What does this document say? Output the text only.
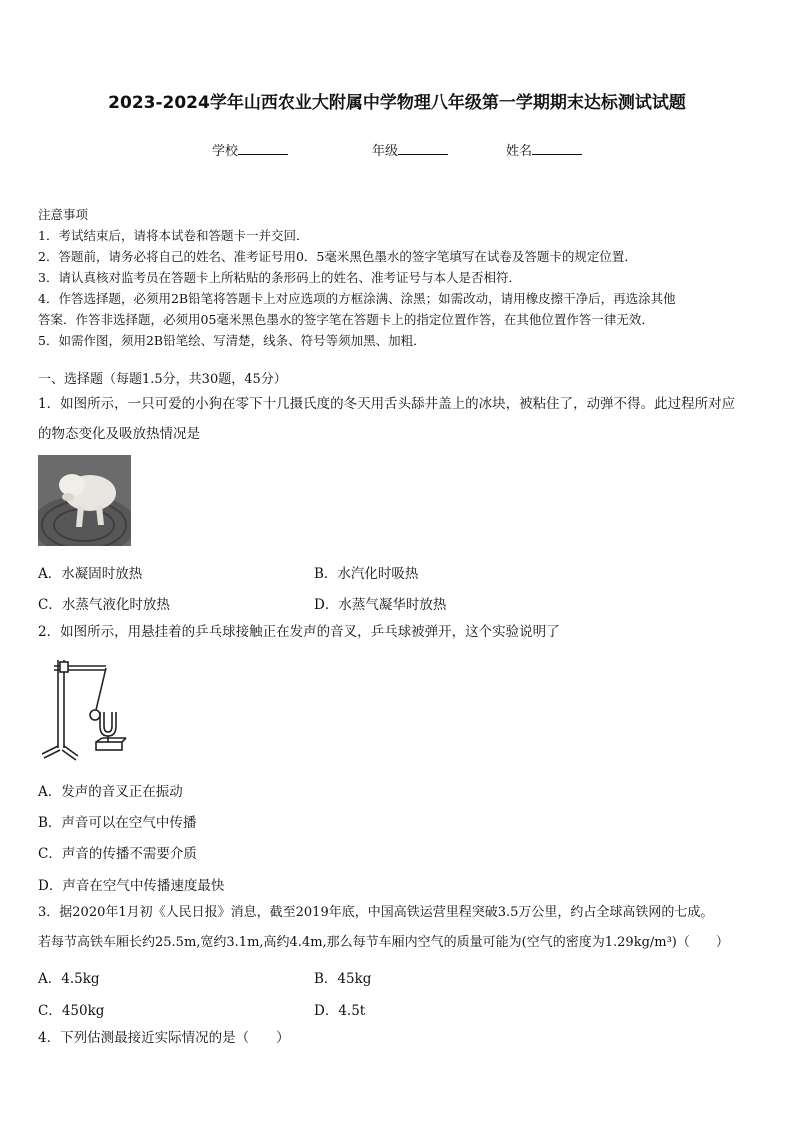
2023-2024学年山西农业大附属中学物理八年级第一学期期末达标测试试题
学校	年级	姓名
注意事项
1．考试结束后，请将本试卷和答题卡一并交回．
2．答题前，请务必将自己的姓名、准考证号用0．5毫米黑色墨水的签字笔填写在试卷及答题卡的规定位置．
3．请认真核对监考员在答题卡上所粘贴的条形码上的姓名、准考证号与本人是否相符．
4．作答选择题，必须用2B铅笔将答题卡上对应选项的方框涂满、涂黑；如需改动，请用橡皮擦干净后，再选涂其他
答案．作答非选择题，必须用05毫米黑色墨水的签字笔在答题卡上的指定位置作答，在其他位置作答一律无效．
5．如需作图，须用2B铅笔绘、写清楚，线条、符号等须加黑、加粗．
一、选择题（每题1.5分，共30题，45分）
1．如图所示，一只可爱的小狗在零下十几摄氏度的冬天用舌头舔井盖上的冰块，被粘住了，动弹不得。此过程所对应
的物态变化及吸放热情况是
A．水凝固时放热	B．水汽化时吸热
C．水蒸气液化时放热	D．水蒸气凝华时放热
2．如图所示，用悬挂着的乒乓球接触正在发声的音叉，乒乓球被弹开，这个实验说明了
A．发声的音叉正在振动
B．声音可以在空气中传播
C．声音的传播不需要介质
D．声音在空气中传播速度最快
3．据2020年1月初《人民日报》消息，截至2019年底，中国高铁运营里程突破3.5万公里，约占全球高铁网的七成。
若每节高铁车厢长约25.5m,宽约3.1m,高约4.4m,那么每节车厢内空气的质量可能为(空气的密度为1.29kg/m³)（　　）
A．4.5kg	B．45kg
C．450kg	D．4.5t
4．下列估测最接近实际情况的是（　　）
